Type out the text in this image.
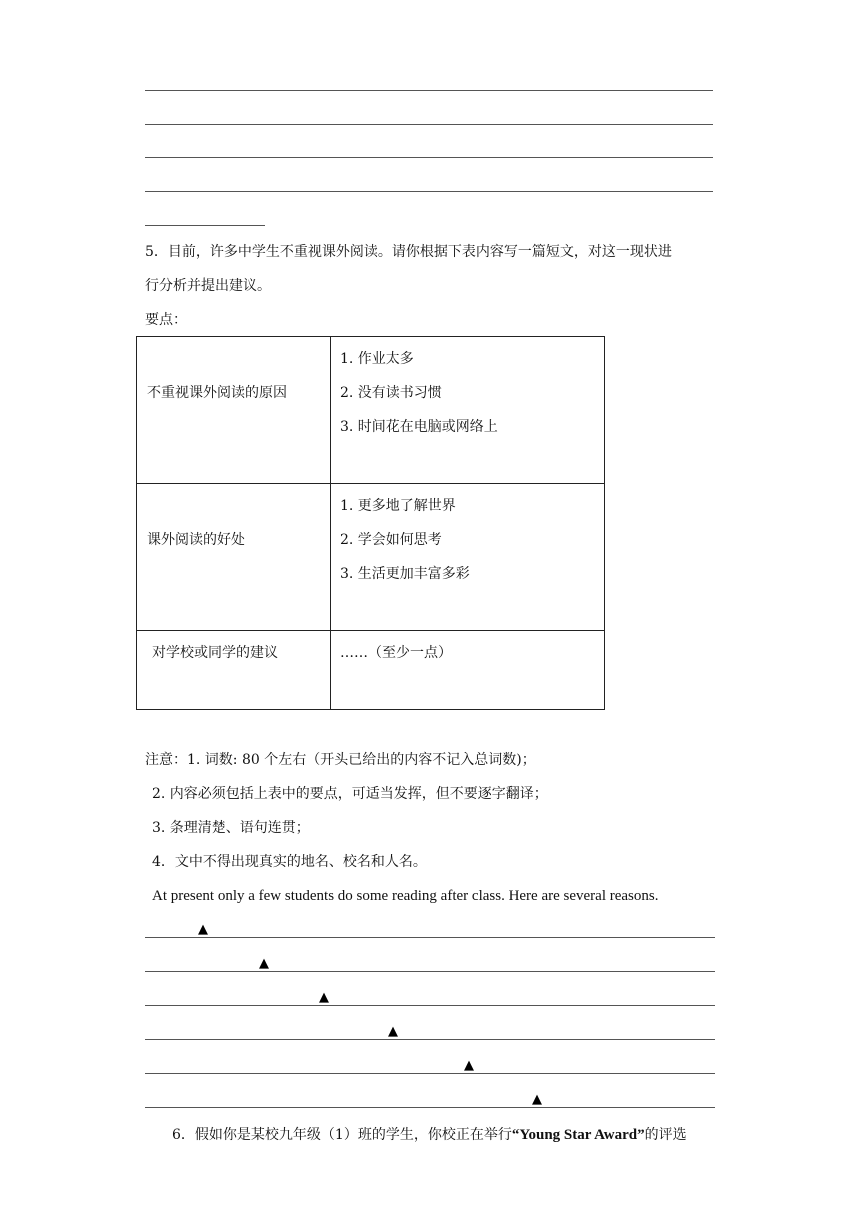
5．目前，许多中学生不重视课外阅读。请你根据下表内容写一篇短文，对这一现状进
行分析并提出建议。
要点：
不重视课外阅读的原因	1. 作业太多
2. 没有读书习惯
3. 时间花在电脑或网络上

课外阅读的好处	1. 更多地了解世界
2. 学会如何思考
3. 生活更加丰富多彩

对学校或同学的建议	……（至少一点）
注意：1. 词数: 80 个左右（开头已给出的内容不记入总词数)；
2. 内容必须包括上表中的要点，可适当发挥，但不要逐字翻译；
3. 条理清楚、语句连贯；
4．文中不得出现真实的地名、校名和人名。
At present only a few students do some reading after class. Here are several reasons.
▲
▲
▲
▲
▲
▲
6．假如你是某校九年级（1）班的学生，你校正在举行“Young Star Award”的评选
